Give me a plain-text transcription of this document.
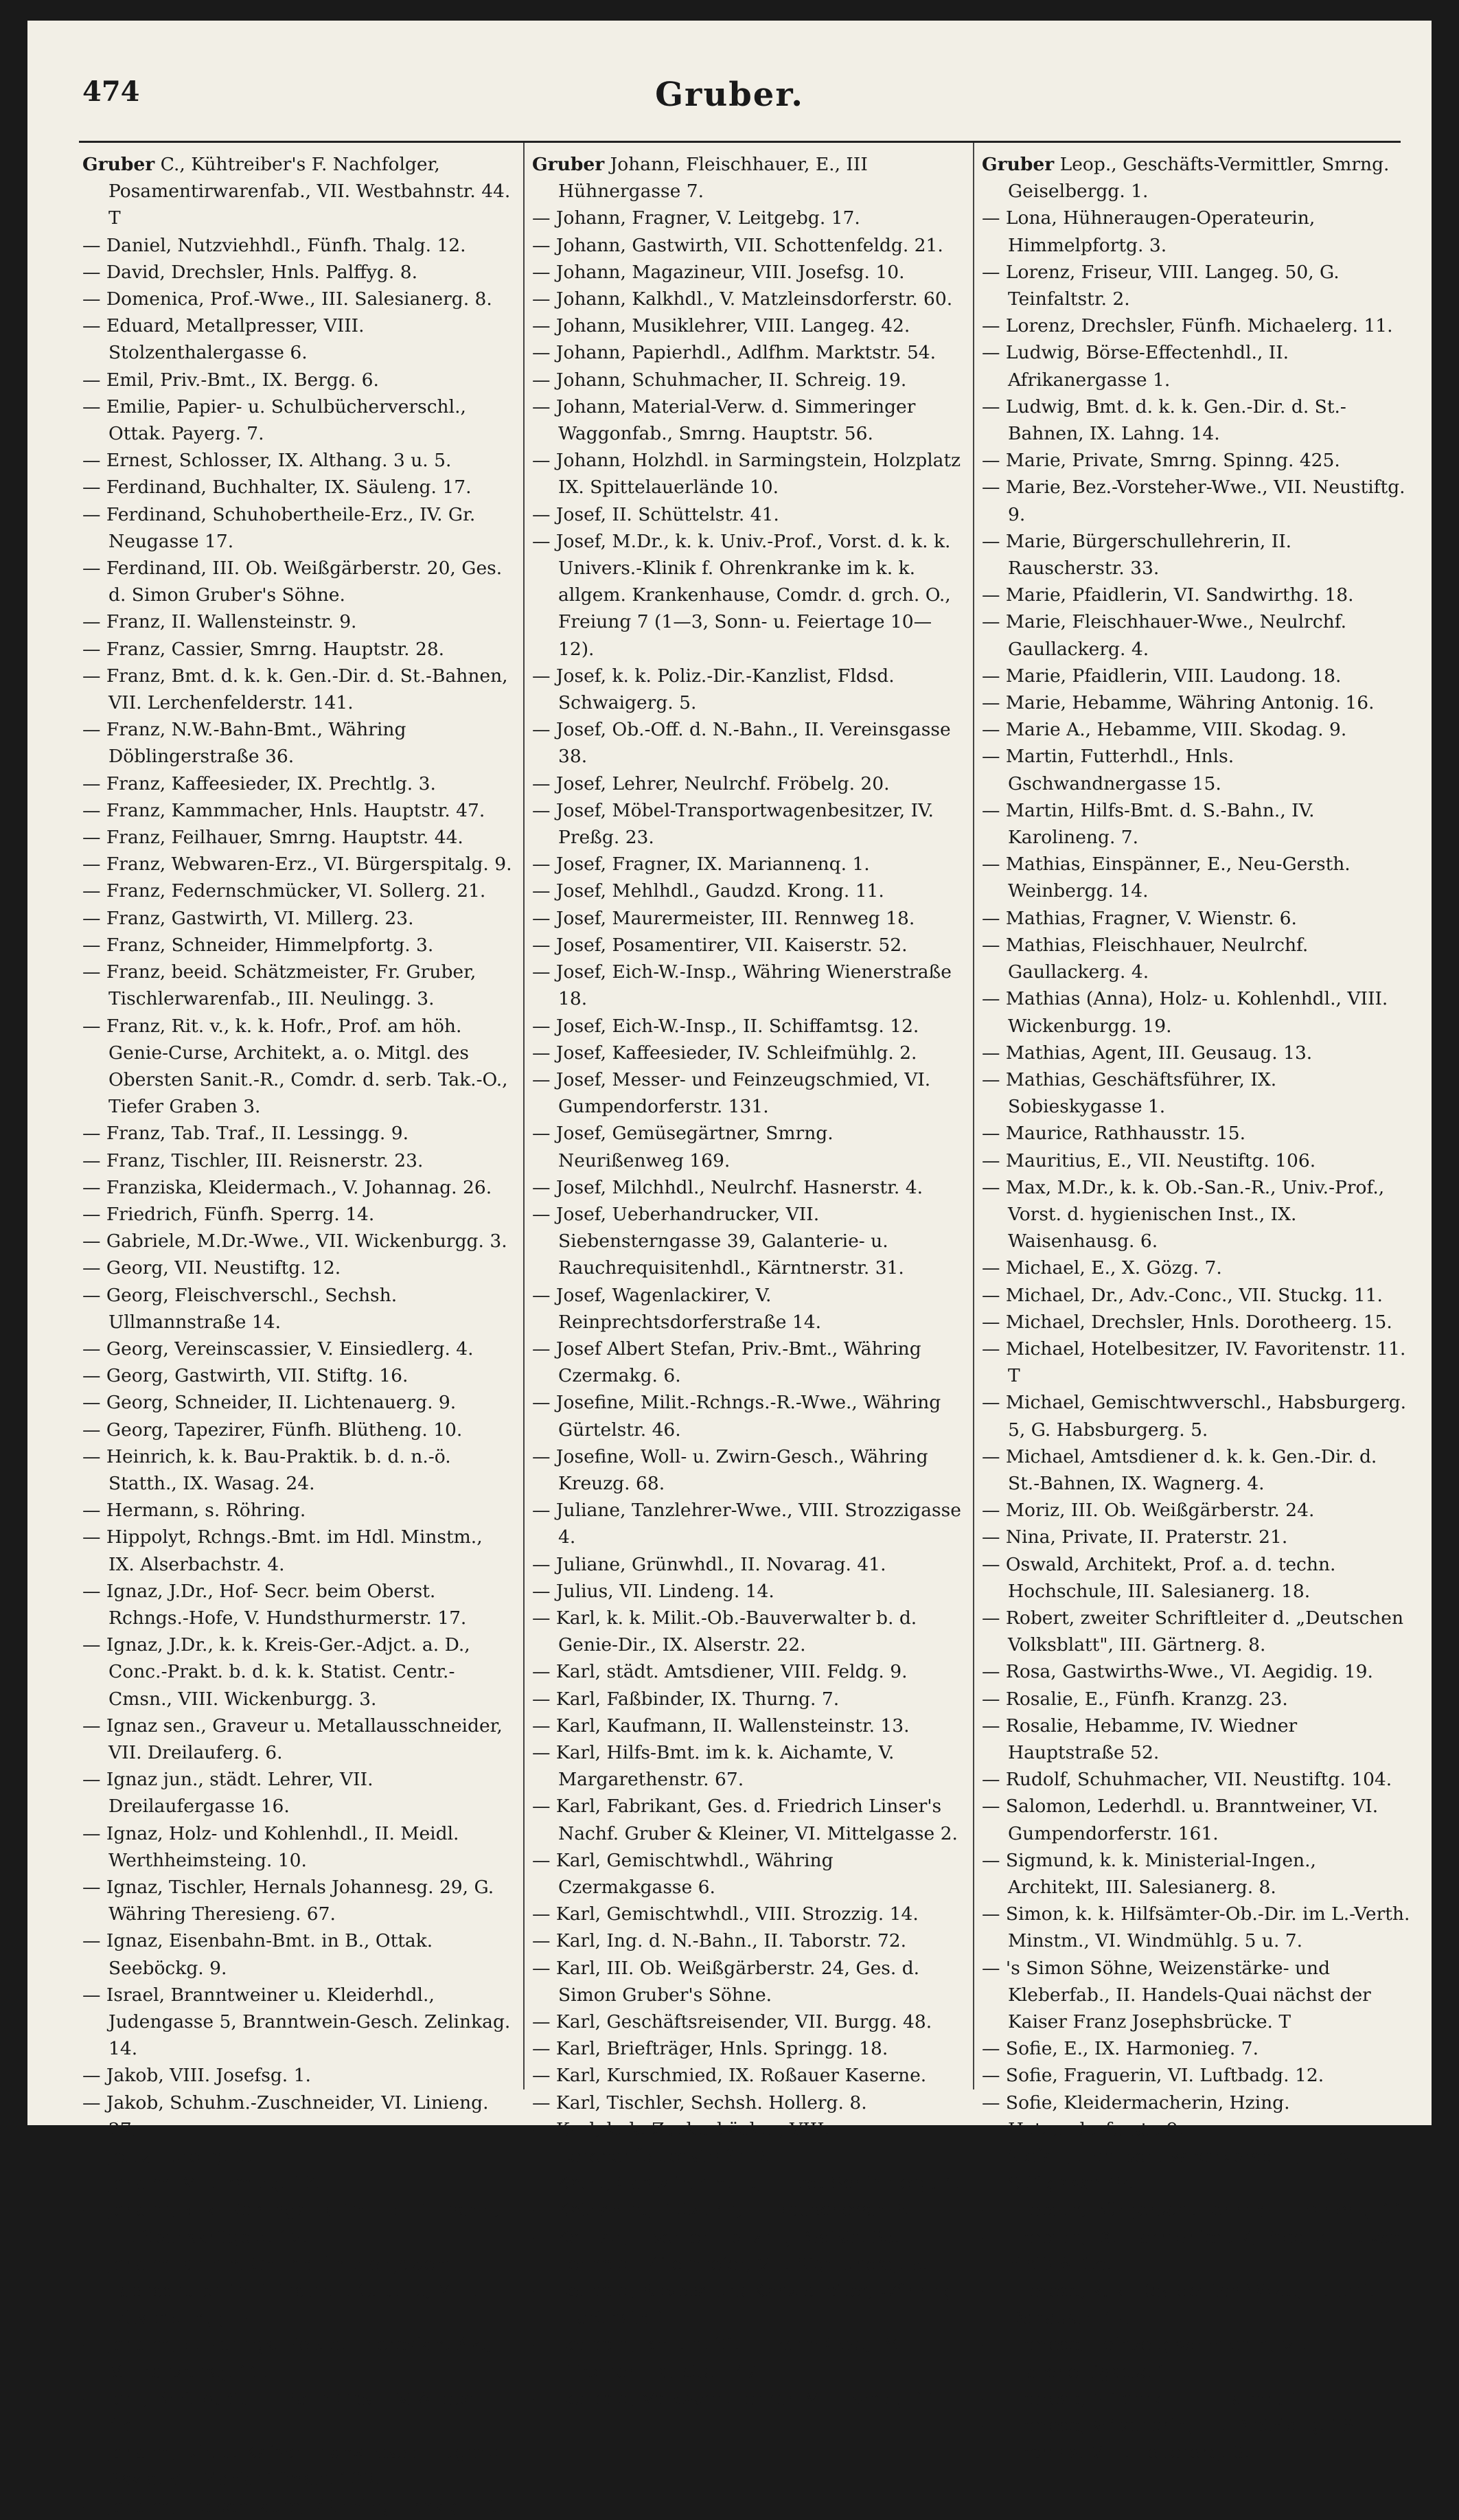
Gruber.
474

Gruber C., Kühtreiber's F. Nachfolger, Posamentirwarenfab., VII. Westbahnstr. 44. T

— Daniel, Nutzviehhdl., Fünfh. Thalg. 12.

— David, Drechsler, Hnls. Palffyg. 8.

— Domenica, Prof.-Wwe., III. Salesianerg. 8.

— Eduard, Metallpresser, VIII. Stolzenthalergasse 6.

— Emil, Priv.-Bmt., IX. Bergg. 6.

— Emilie, Papier- u. Schulbücherverschl., Ottak. Payerg. 7.

— Ernest, Schlosser, IX. Althang. 3 u. 5.

— Ferdinand, Buchhalter, IX. Säuleng. 17.

— Ferdinand, Schuhobertheile-Erz., IV. Gr. Neugasse 17.

— Ferdinand, III. Ob. Weißgärberstr. 20, Ges. d. Simon Gruber's Söhne.

— Franz, II. Wallensteinstr. 9.

— Franz, Cassier, Smrng. Hauptstr. 28.

— Franz, Bmt. d. k. k. Gen.-Dir. d. St.-Bahnen, VII. Lerchenfelderstr. 141.

— Franz, N.W.-Bahn-Bmt., Währing Döblingerstraße 36.

— Franz, Kaffeesieder, IX. Prechtlg. 3.

— Franz, Kammmacher, Hnls. Hauptstr. 47.

— Franz, Feilhauer, Smrng. Hauptstr. 44.

— Franz, Webwaren-Erz., VI. Bürgerspitalg. 9.

— Franz, Federnschmücker, VI. Sollerg. 21.

— Franz, Gastwirth, VI. Millerg. 23.

— Franz, Schneider, Himmelpfortg. 3.

— Franz, beeid. Schätzmeister, Fr. Gruber, Tischlerwarenfab., III. Neulingg. 3.

— Franz, Rit. v., k. k. Hofr., Prof. am höh. Genie-Curse, Architekt, a. o. Mitgl. des Obersten Sanit.-R., Comdr. d. serb. Tak.-O., Tiefer Graben 3.

— Franz, Tab. Traf., II. Lessingg. 9.

— Franz, Tischler, III. Reisnerstr. 23.

— Franziska, Kleidermach., V. Johannag. 26.

— Friedrich, Fünfh. Sperrg. 14.

— Gabriele, M.Dr.-Wwe., VII. Wickenburgg. 3.

— Georg, VII. Neustiftg. 12.

— Georg, Fleischverschl., Sechsh. Ullmannstraße 14.

— Georg, Vereinscassier, V. Einsiedlerg. 4.

— Georg, Gastwirth, VII. Stiftg. 16.

— Georg, Schneider, II. Lichtenauerg. 9.

— Georg, Tapezirer, Fünfh. Blütheng. 10.

— Heinrich, k. k. Bau-Praktik. b. d. n.-ö. Statth., IX. Wasag. 24.

— Hermann, s. Röhring.

— Hippolyt, Rchngs.-Bmt. im Hdl. Minstm., IX. Alserbachstr. 4.

— Ignaz, J.Dr., Hof- Secr. beim Oberst. Rchngs.-Hofe, V. Hundsthurmerstr. 17.

— Ignaz, J.Dr., k. k. Kreis-Ger.-Adjct. a. D., Conc.-Prakt. b. d. k. k. Statist. Centr.-Cmsn., VIII. Wickenburgg. 3.

— Ignaz sen., Graveur u. Metallausschneider, VII. Dreilauferg. 6.

— Ignaz jun., städt. Lehrer, VII. Dreilaufergasse 16.

— Ignaz, Holz- und Kohlenhdl., II. Meidl. Werthheimsteing. 10.

— Ignaz, Tischler, Hernals Johannesg. 29, G. Währing Theresieng. 67.

— Ignaz, Eisenbahn-Bmt. in B., Ottak. Seeböckg. 9.

— Israel, Branntweiner u. Kleiderhdl., Judengasse 5, Branntwein-Gesch. Zelinkag. 14.

— Jakob, VIII. Josefsg. 1.

— Jakob, Schuhm.-Zuschneider, VI. Linieng. 27.

— Jetty, Judeng. 6.

— Johann, VII. Bandg. 18.

— Johann, k. k. Rechngs.-R. im Hdl.-Minstm., III. Sechskrügelg. 12.

— Johann, admin. Cntlor. für die gewerbl. Fachschulen im Minstm. f. C. u. U., VIII. Löwenburgg. 3.

— Johann, p. Rchngs.-Rev. d. Theresian. Ak., V. Franzensg. 10.

— Joh., Bmt. d. St.-E.-Bahn-Ges., IV. Alleeg. 43.

— Johann, Dir. d. Kaiser Franz Joseph-Jugend-Asyls, VI. Mariahilferstr. 103.

— Johann, Fleischhauer, Währing Marktg. 10.

Gruber Johann, Fleischhauer, E., III Hühnergasse 7.

— Johann, Fragner, V. Leitgebg. 17.

— Johann, Gastwirth, VII. Schottenfeldg. 21.

— Johann, Magazineur, VIII. Josefsg. 10.

— Johann, Kalkhdl., V. Matzleinsdorferstr. 60.

— Johann, Musiklehrer, VIII. Langeg. 42.

— Johann, Papierhdl., Adlfhm. Marktstr. 54.

— Johann, Schuhmacher, II. Schreig. 19.

— Johann, Material-Verw. d. Simmeringer Waggonfab., Smrng. Hauptstr. 56.

— Johann, Holzhdl. in Sarmingstein, Holzplatz IX. Spittelauerlände 10.

— Josef, II. Schüttelstr. 41.

— Josef, M.Dr., k. k. Univ.-Prof., Vorst. d. k. k. Univers.-Klinik f. Ohrenkranke im k. k. allgem. Krankenhause, Comdr. d. grch. O., Freiung 7 (1—3, Sonn- u. Feiertage 10—12).

— Josef, k. k. Poliz.-Dir.-Kanzlist, Fldsd. Schwaigerg. 5.

— Josef, Ob.-Off. d. N.-Bahn., II. Vereinsgasse 38.

— Josef, Lehrer, Neulrchf. Fröbelg. 20.

— Josef, Möbel-Transportwagenbesitzer, IV. Preßg. 23.

— Josef, Fragner, IX. Mariannenq. 1.

— Josef, Mehlhdl., Gaudzd. Krong. 11.

— Josef, Maurermeister, III. Rennweg 18.

— Josef, Posamentirer, VII. Kaiserstr. 52.

— Josef, Eich-W.-Insp., Währing Wienerstraße 18.

— Josef, Eich-W.-Insp., II. Schiffamtsg. 12.

— Josef, Kaffeesieder, IV. Schleifmühlg. 2.

— Josef, Messer- und Feinzeugschmied, VI. Gumpendorferstr. 131.

— Josef, Gemüsegärtner, Smrng. Neurißenweg 169.

— Josef, Milchhdl., Neulrchf. Hasnerstr. 4.

— Josef, Ueberhandrucker, VII. Siebensterngasse 39, Galanterie- u. Rauchrequisitenhdl., Kärntnerstr. 31.

— Josef, Wagenlackirer, V. Reinprechtsdorferstraße 14.

— Josef Albert Stefan, Priv.-Bmt., Währing Czermakg. 6.

— Josefine, Milit.-Rchngs.-R.-Wwe., Währing Gürtelstr. 46.

— Josefine, Woll- u. Zwirn-Gesch., Währing Kreuzg. 68.

— Juliane, Tanzlehrer-Wwe., VIII. Strozzigasse 4.

— Juliane, Grünwhdl., II. Novarag. 41.

— Julius, VII. Lindeng. 14.

— Karl, k. k. Milit.-Ob.-Bauverwalter b. d. Genie-Dir., IX. Alserstr. 22.

— Karl, städt. Amtsdiener, VIII. Feldg. 9.

— Karl, Faßbinder, IX. Thurng. 7.

— Karl, Kaufmann, II. Wallensteinstr. 13.

— Karl, Hilfs-Bmt. im k. k. Aichamte, V. Margarethenstr. 67.

— Karl, Fabrikant, Ges. d. Friedrich Linser's Nachf. Gruber & Kleiner, VI. Mittelgasse 2.

— Karl, Gemischtwhdl., Währing Czermakgasse 6.

— Karl, Gemischtwhdl., VIII. Strozzig. 14.

— Karl, Ing. d. N.-Bahn., II. Taborstr. 72.

— Karl, III. Ob. Weißgärberstr. 24, Ges. d. Simon Gruber's Söhne.

— Karl, Geschäftsreisender, VII. Burgg. 48.

— Karl, Briefträger, Hnls. Springg. 18.

— Karl, Kurschmied, IX. Roßauer Kaserne.

— Karl, Tischler, Sechsh. Hollerg. 8.

— Karl, k. k. Zuckerbäcker, VIII. Lerchenfelderstraße 6.

— Kath., Gastwirthin, E., Fldsd. Schindlerg. 4.

— Katharine, Putzerin, II. Rauscherstr. 5.

— Konrad, Tischler, Penzing Poststr. 65.

— Leopold, Milchmeier, VII. Sigmundsg. 6.

— Leopold, Advocaturs-Kanzleileiter, Währing Martinstr. 1.

— Leopold, Bmt. d. St.-E.-Bahn-Ges., IV. Wiedner Hauptstr. 47.

— Leopold, Volksschullehrer, VII. Bandg. 11.

Gruber Leop., Geschäfts-Vermittler, Smrng. Geiselbergg. 1.

— Lona, Hühneraugen-Operateurin, Himmelpfortg. 3.

— Lorenz, Friseur, VIII. Langeg. 50, G. Teinfaltstr. 2.

— Lorenz, Drechsler, Fünfh. Michaelerg. 11.

— Ludwig, Börse-Effectenhdl., II. Afrikanergasse 1.

— Ludwig, Bmt. d. k. k. Gen.-Dir. d. St.-Bahnen, IX. Lahng. 14.

— Marie, Private, Smrng. Spinng. 425.

— Marie, Bez.-Vorsteher-Wwe., VII. Neustiftg. 9.

— Marie, Bürgerschullehrerin, II. Rauscherstr. 33.

— Marie, Pfaidlerin, VI. Sandwirthg. 18.

— Marie, Fleischhauer-Wwe., Neulrchf. Gaullackerg. 4.

— Marie, Pfaidlerin, VIII. Laudong. 18.

— Marie, Hebamme, Währing Antonig. 16.

— Marie A., Hebamme, VIII. Skodag. 9.

— Martin, Futterhdl., Hnls. Gschwandnergasse 15.

— Martin, Hilfs-Bmt. d. S.-Bahn., IV. Karolineng. 7.

— Mathias, Einspänner, E., Neu-Gersth. Weinbergg. 14.

— Mathias, Fragner, V. Wienstr. 6.

— Mathias, Fleischhauer, Neulrchf. Gaullackerg. 4.

— Mathias (Anna), Holz- u. Kohlenhdl., VIII. Wickenburgg. 19.

— Mathias, Agent, III. Geusaug. 13.

— Mathias, Geschäftsführer, IX. Sobieskygasse 1.

— Maurice, Rathhausstr. 15.

— Mauritius, E., VII. Neustiftg. 106.

— Max, M.Dr., k. k. Ob.-San.-R., Univ.-Prof., Vorst. d. hygienischen Inst., IX. Waisenhausg. 6.

— Michael, E., X. Gözg. 7.

— Michael, Dr., Adv.-Conc., VII. Stuckg. 11.

— Michael, Drechsler, Hnls. Dorotheerg. 15.

— Michael, Hotelbesitzer, IV. Favoritenstr. 11. T

— Michael, Gemischtwverschl., Habsburgerg. 5, G. Habsburgerg. 5.

— Michael, Amtsdiener d. k. k. Gen.-Dir. d. St.-Bahnen, IX. Wagnerg. 4.

— Moriz, III. Ob. Weißgärberstr. 24.

— Nina, Private, II. Praterstr. 21.

— Oswald, Architekt, Prof. a. d. techn. Hochschule, III. Salesianerg. 18.

— Robert, zweiter Schriftleiter d. „Deutschen Volksblatt", III. Gärtnerg. 8.

— Rosa, Gastwirths-Wwe., VI. Aegidig. 19.

— Rosalie, E., Fünfh. Kranzg. 23.

— Rosalie, Hebamme, IV. Wiedner Hauptstraße 52.

— Rudolf, Schuhmacher, VII. Neustiftg. 104.

— Salomon, Lederhdl. u. Branntweiner, VI. Gumpendorferstr. 161.

— Sigmund, k. k. Ministerial-Ingen., Architekt, III. Salesianerg. 8.

— Simon, k. k. Hilfsämter-Ob.-Dir. im L.-Verth. Minstm., VI. Windmühlg. 5 u. 7.

— 's Simon Söhne, Weizenstärke- und Kleberfab., II. Handels-Quai nächst der Kaiser Franz Josephsbrücke. T

— Sofie, E., IX. Harmonieg. 7.

— Sofie, Fraguerin, VI. Luftbadg. 12.

— Sofie, Kleidermacherin, Hzing. Hetzendorferstr. 9.

— Stefan, Gemischtwarenverschl., Hnls. Stiftgasse 48.

— Theodor, Bürgerschullehrer, II. Barichg. 11.

— Theodor, IX. Harmonieg. 7, Proc. d. M. von Weiß & Co.

— Therese, k. k. Revidenten-Wwe., II. Unt. Donaustr. 47.

— Therese, Feinzeugschmiedin, VI. Marchettigasse 14.

— Therese, Milchhdl., II. Halmg. 1.

— Therese, Wäscherin, III. Dietrichg. 16.

— Thomas, VIII. Ledererg. 3.
